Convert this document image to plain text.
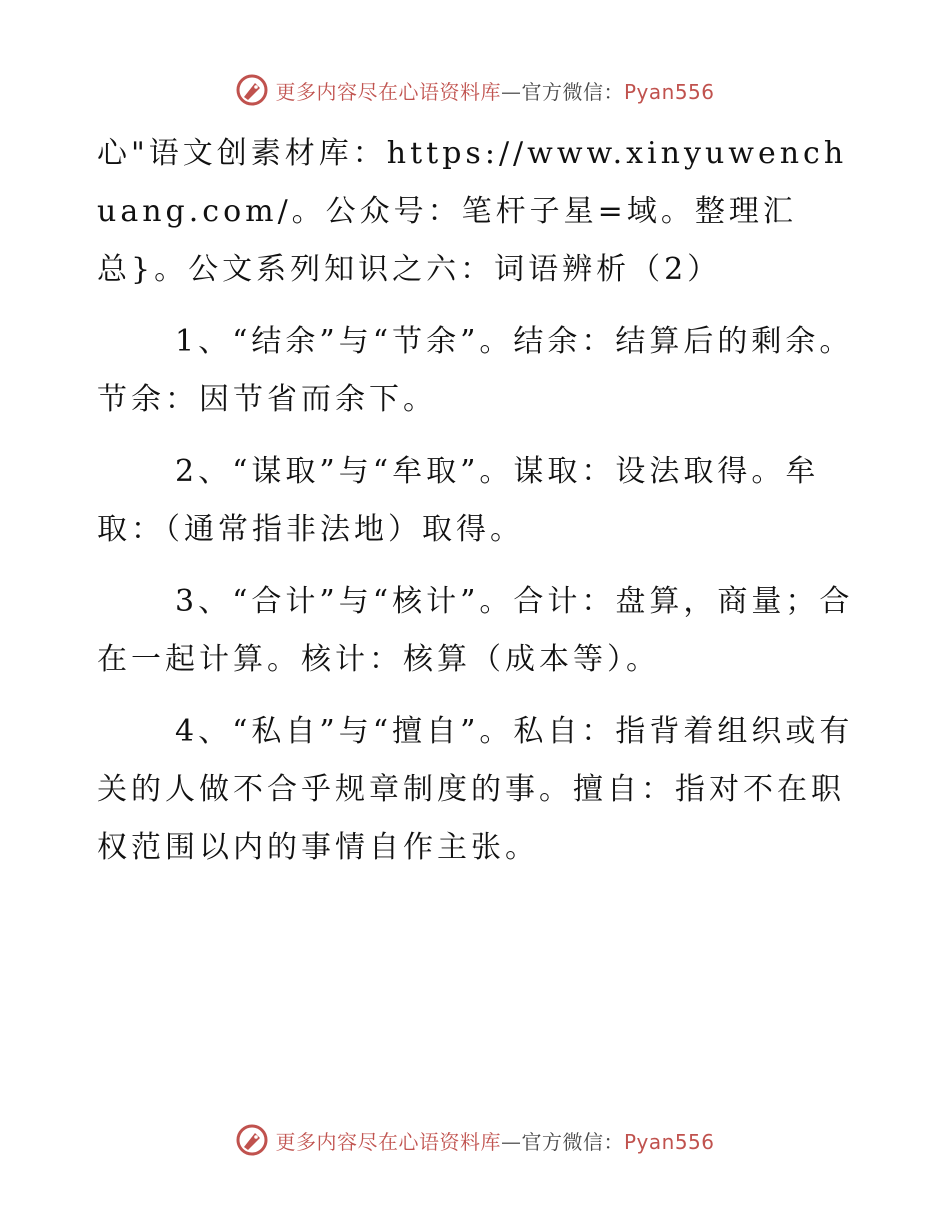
更多内容尽在心语资料库—官方微信：Pyan556

心"语文创素材库：https://www.xinyuwenchuang.com/。公众号：笔杆子星=域。整理汇总}。公文系列知识之六：词语辨析（2）

1、“结余”与“节余”。结余：结算后的剩余。节余：因节省而余下。

2、“谋取”与“牟取”。谋取：设法取得。牟取：（通常指非法地）取得。

3、“合计”与“核计”。合计：盘算，商量；合在一起计算。核计：核算（成本等）。

4、“私自”与“擅自”。私自：指背着组织或有关的人做不合乎规章制度的事。擅自：指对不在职权范围以内的事情自作主张。

更多内容尽在心语资料库—官方微信：Pyan556
